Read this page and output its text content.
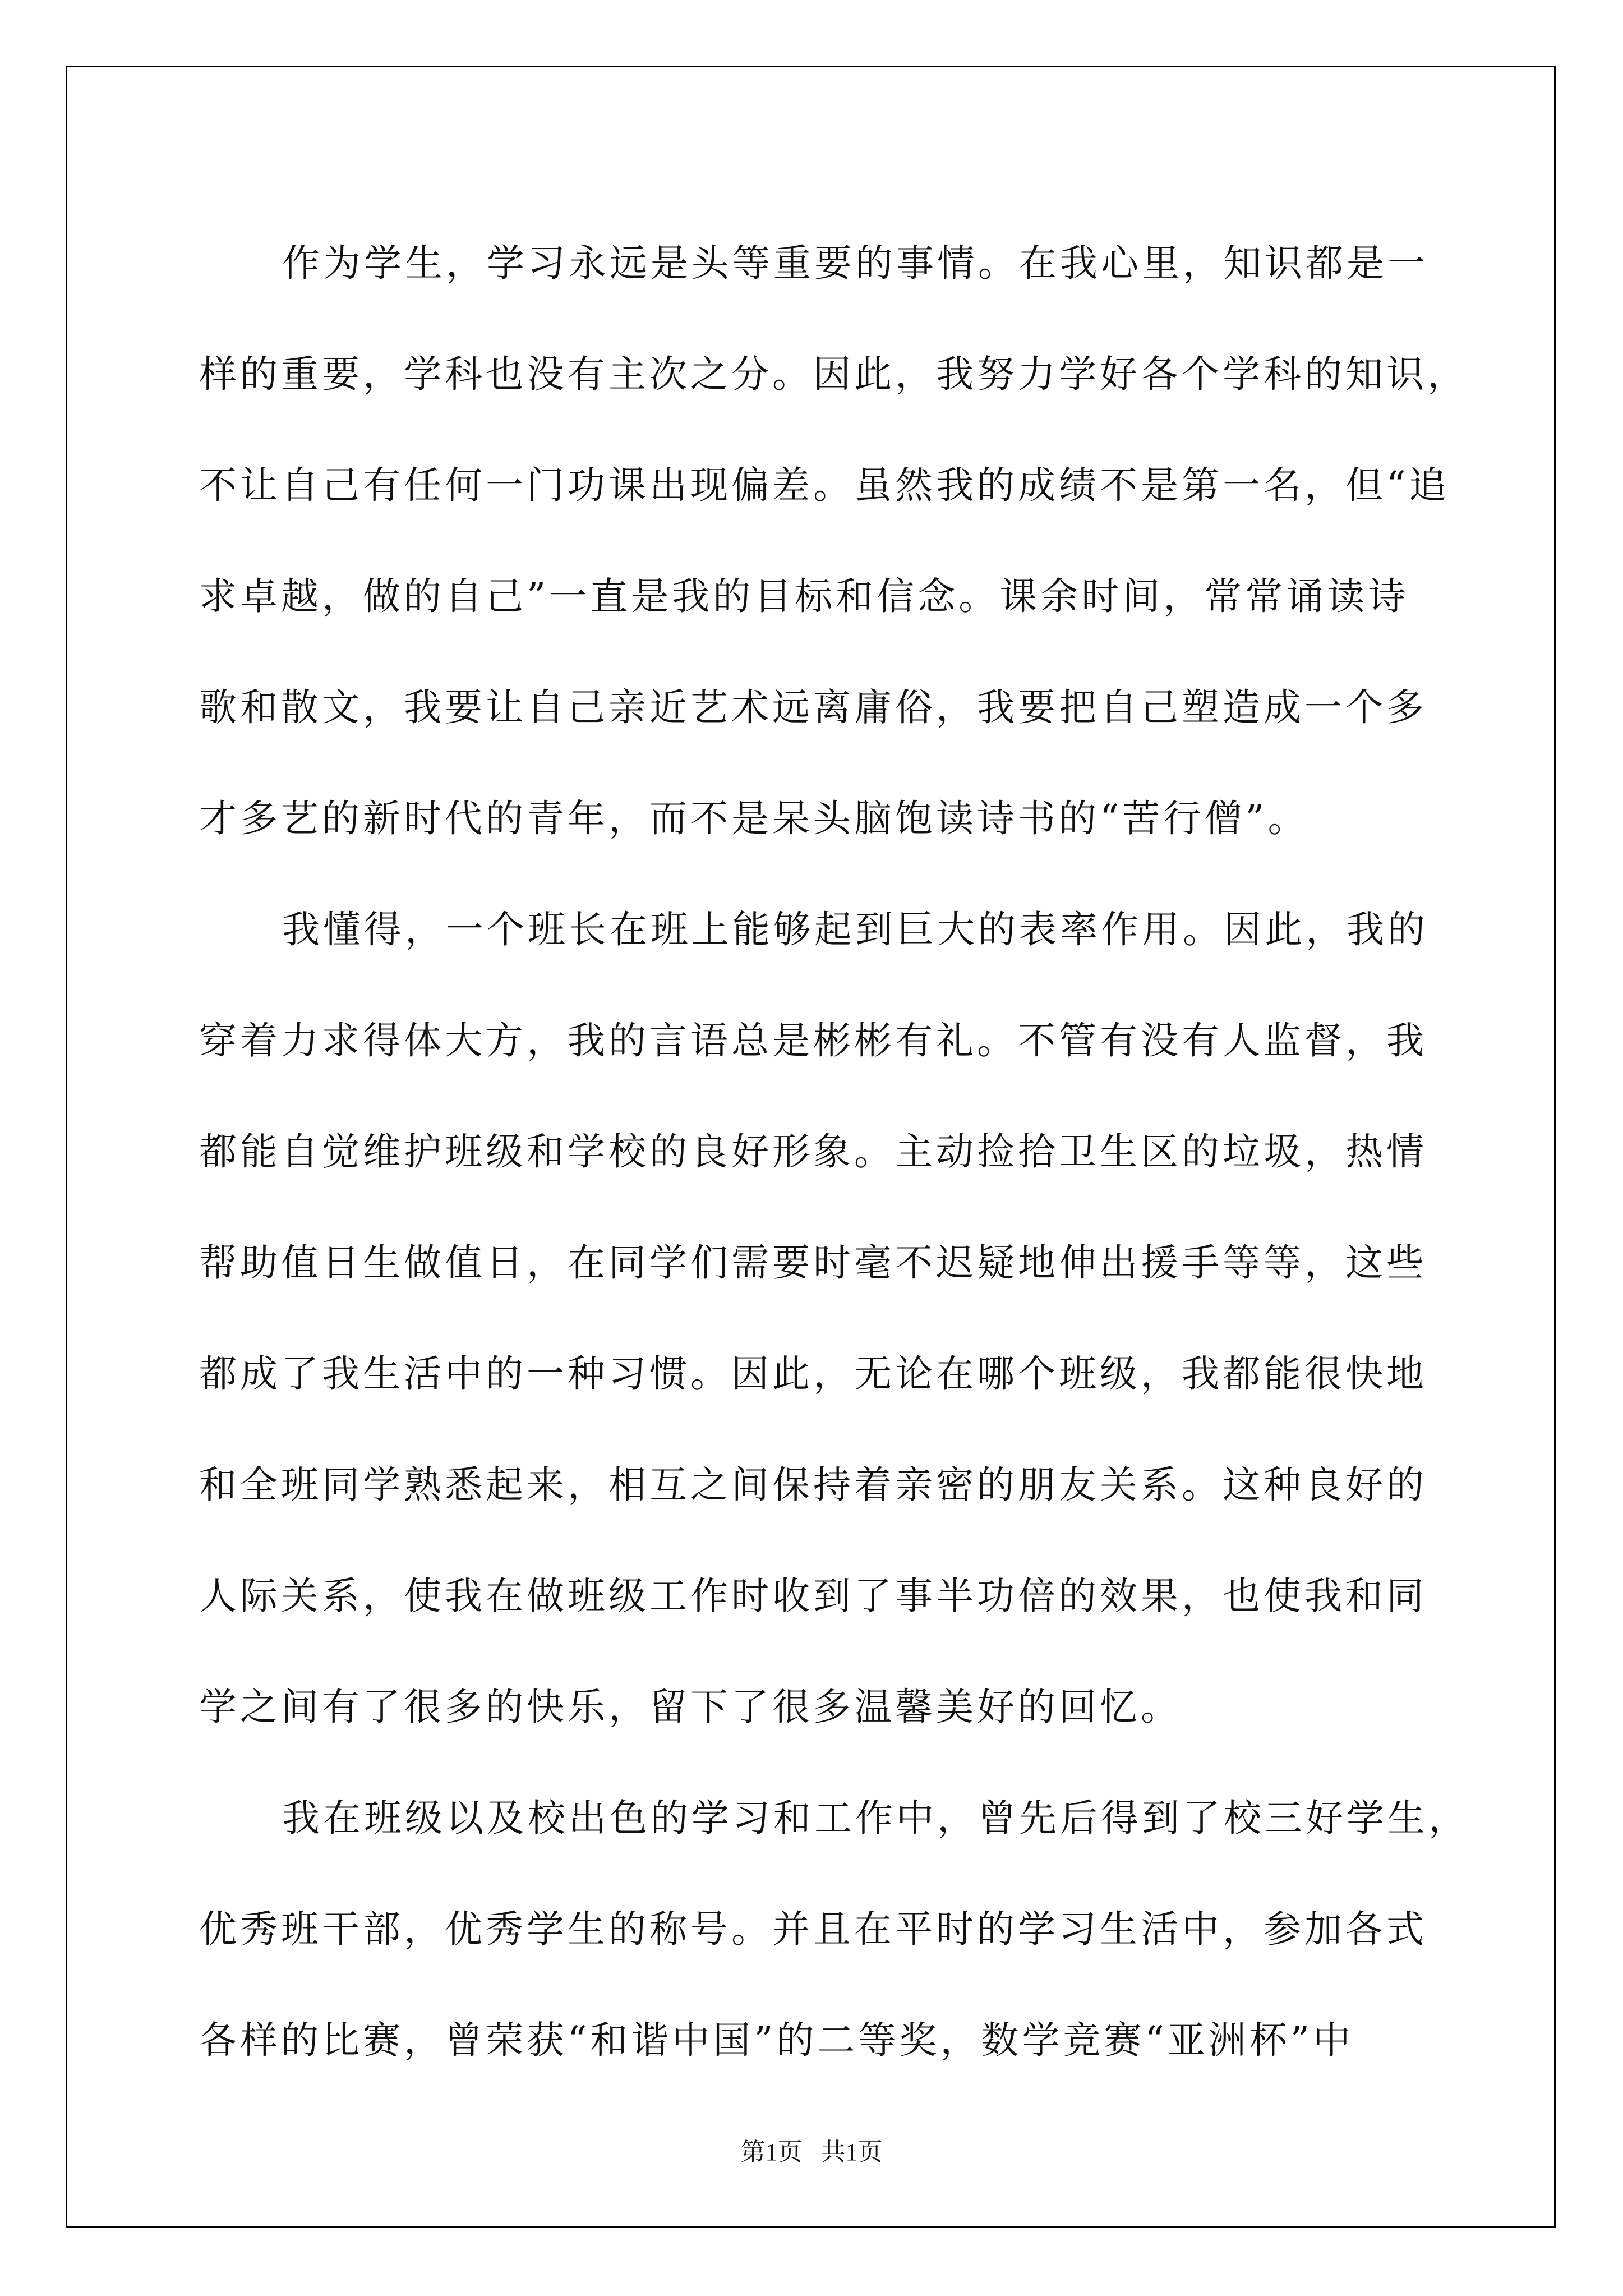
作为学生，学习永远是头等重要的事情。在我心里，知识都是一
样的重要，学科也没有主次之分。因此，我努力学好各个学科的知识，
不让自己有任何一门功课出现偏差。虽然我的成绩不是第一名，但“追
求卓越，做的自己”一直是我的目标和信念。课余时间，常常诵读诗
歌和散文，我要让自己亲近艺术远离庸俗，我要把自己塑造成一个多
才多艺的新时代的青年，而不是呆头脑饱读诗书的“苦行僧”。
我懂得，一个班长在班上能够起到巨大的表率作用。因此，我的
穿着力求得体大方，我的言语总是彬彬有礼。不管有没有人监督，我
都能自觉维护班级和学校的良好形象。主动捡拾卫生区的垃圾，热情
帮助值日生做值日，在同学们需要时毫不迟疑地伸出援手等等，这些
都成了我生活中的一种习惯。因此，无论在哪个班级，我都能很快地
和全班同学熟悉起来，相互之间保持着亲密的朋友关系。这种良好的
人际关系，使我在做班级工作时收到了事半功倍的效果，也使我和同
学之间有了很多的快乐，留下了很多温馨美好的回忆。
我在班级以及校出色的学习和工作中，曾先后得到了校三好学生，
优秀班干部，优秀学生的称号。并且在平时的学习生活中，参加各式
各样的比赛，曾荣获“和谐中国”的二等奖，数学竞赛“亚洲杯”中
第1页   共1页
